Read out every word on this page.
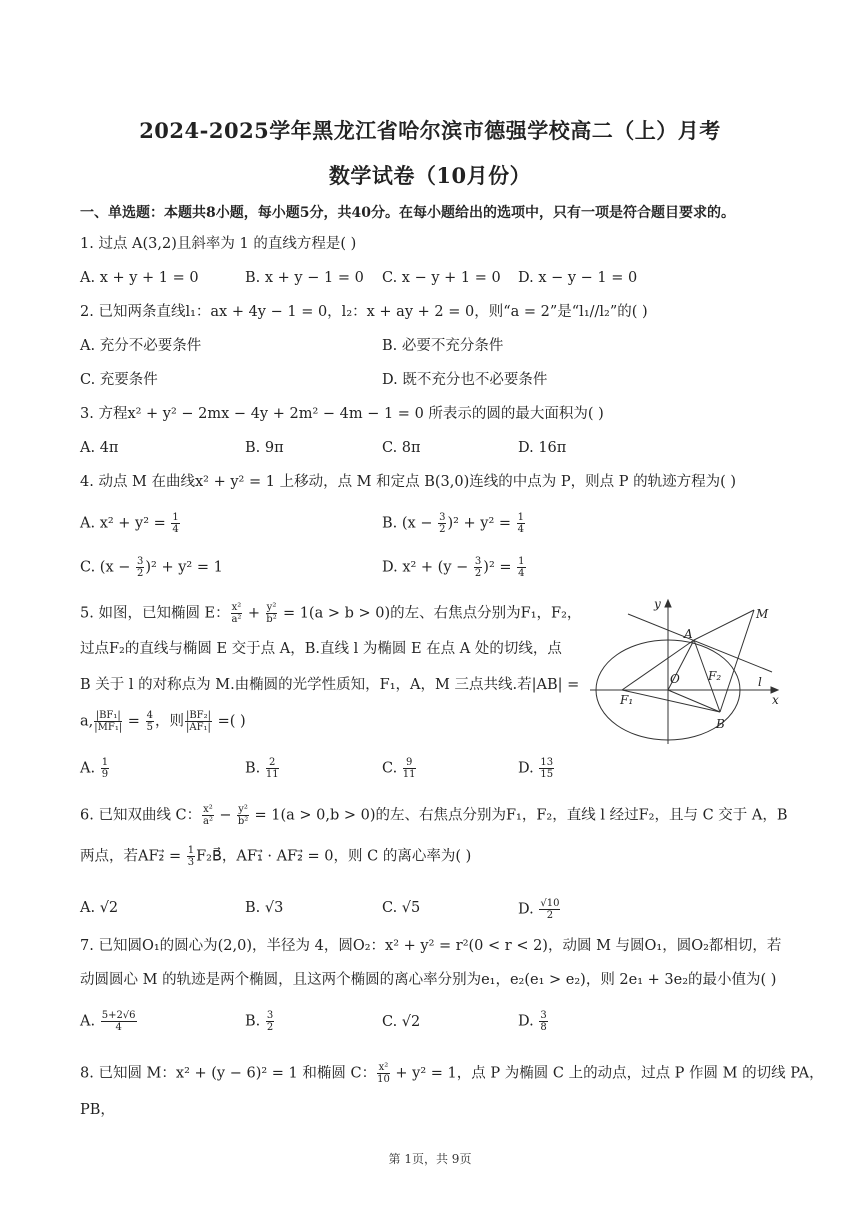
2024-2025学年黑龙江省哈尔滨市德强学校高二（上）月考
数学试卷（10月份）
一、单选题：本题共8小题，每小题5分，共40分。在每小题给出的选项中，只有一项是符合题目要求的。
1. 过点 A(3,2)且斜率为 1 的直线方程是( )
A. x + y + 1 = 0	B. x + y − 1 = 0 C. x − y + 1 = 0 D. x − y − 1 = 0
2. 已知两条直线l₁：ax + 4y − 1 = 0，l₂：x + ay + 2 = 0，则“a = 2”是“l₁//l₂”的( )
A. 充分不必要条件	B. 必要不充分条件
C. 充要条件	D. 既不充分也不必要条件
3. 方程x² + y² − 2mx − 4y + 2m² − 4m − 1 = 0 所表示的圆的最大面积为( )
A. 4π	B. 9π	C. 8π	D. 16π
4. 动点 M 在曲线x² + y² = 1 上移动，点 M 和定点 B(3,0)连线的中点为 P，则点 P 的轨迹方程为( )
A. $x^2 + y^2 = \frac{1}{4}$	B. $(x - \frac{3}{2} )^2 + y^2 = \frac{1}{4}$
C. $(x - \frac{3}{2} )^2 + y^2 = 1$	D. $x^2 + (y - \frac{3}{2} )^2 = \frac{1}{4}$
5. 如图，已知椭圆 E： $\frac{\text{x²}}{\text{a²}} + \frac{\text{y²}}{\text{b²}} = 1(a > b > 0)$的左、右焦点分别为F₁，F₂，
过点F₂的直线与椭圆 E 交于点 A，B.直线 l 为椭圆 E 在点 A 处的切线，点
B 关于 l 的对称点为 M.由椭圆的光学性质知，F₁，A，M 三点共线.若|AB| =
a, $\frac{\text{|BF₁|}}{\text{|MF₁|}} = \frac{4}{5}$ ，则 $\frac{\text{|BF₂|}}{\text{|AF₁|}}$ =( )
A. $\frac{1}{9}$	B. $\frac{2}{11}$	C. $\frac{9}{11}$	D. $\frac{13}{15}$
y
x
M
A
l
O F₂
F₁
B
6. 已知双曲线 C： $\frac{\text{x²}}{\text{a²}} - \frac{\text{y²}}{\text{b²}} = 1(a > 0,b > 0)$的左、右焦点分别为F₁，F₂，直线 l 经过F₂，且与 C 交于 A，B
两点，若AF₂⃗ = $\frac{1}{3}$ F₂B⃗，AF₁⃗ · AF₂⃗ = 0，则 C 的离心率为( )
A. √2	B. √3	C. √5	D. $\frac{√10}{2}$
7. 已知圆O₁的圆心为(2,0)，半径为 4，圆O₂：x² + y² = r²(0 < r < 2)，动圆 M 与圆O₁，圆O₂都相切，若
动圆圆心 M 的轨迹是两个椭圆，且这两个椭圆的离心率分别为e₁，e₂(e₁ > e₂)，则 2e₁ + 3e₂的最小值为( )
A. $\frac{5+2√6}{4}$	B. $\frac{3}{2}$	C. √2	D. $\frac{3}{8}$
8. 已知圆 M：x² + (y − 6)² = 1 和椭圆 C： $\frac{\text{x²}}{10} + y^2 = 1$，点 P 为椭圆 C 上的动点，过点 P 作圆 M 的切线 PA，
PB，
第 1页，共 9页
